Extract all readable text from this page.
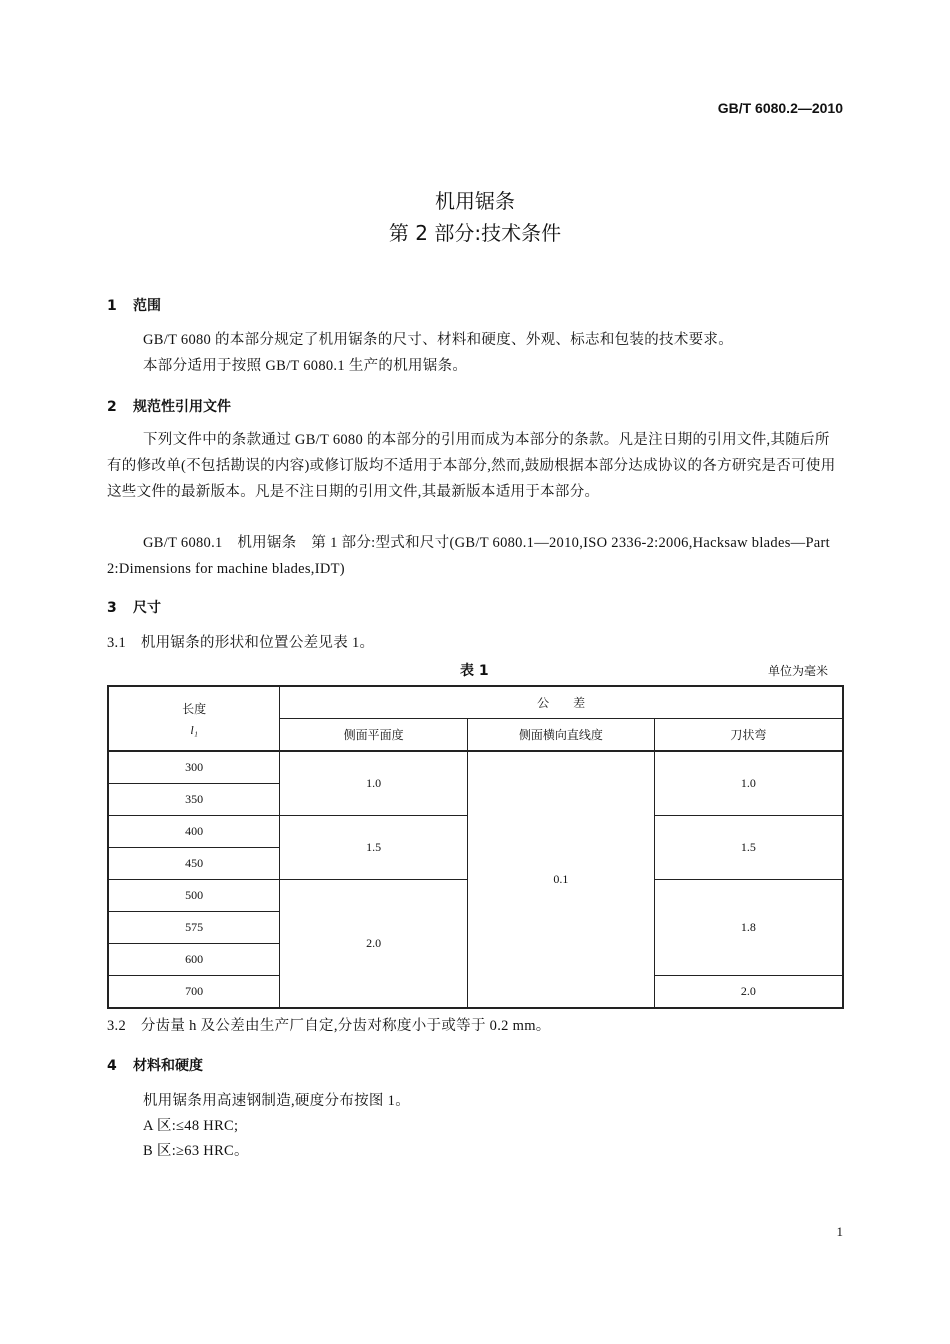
GB/T 6080.2—2010
机用锯条
第 2 部分:技术条件
1 范围
GB/T 6080 的本部分规定了机用锯条的尺寸、材料和硬度、外观、标志和包装的技术要求。
本部分适用于按照 GB/T 6080.1 生产的机用锯条。
2 规范性引用文件
下列文件中的条款通过 GB/T 6080 的本部分的引用而成为本部分的条款。凡是注日期的引用文件,其随后所有的修改单(不包括勘误的内容)或修订版均不适用于本部分,然而,鼓励根据本部分达成协议的各方研究是否可使用这些文件的最新版本。凡是不注日期的引用文件,其最新版本适用于本部分。
GB/T 6080.1　机用锯条　第 1 部分:型式和尺寸(GB/T 6080.1—2010,ISO 2336-2:2006,Hacksaw blades—Part 2:Dimensions for machine blades,IDT)
3 尺寸
3.1　机用锯条的形状和位置公差见表 1。
表 1	单位为毫米
长度
l₁	公　　差		
	侧面平面度	侧面横向直线度	刀状弯
300	1.0	0.1	1.0
350			
400	1.5		1.5
450			
500	2.0		1.8
575			
600			
700			2.0
3.2　分齿量 h 及公差由生产厂自定,分齿对称度小于或等于 0.2 mm。
4 材料和硬度
机用锯条用高速钢制造,硬度分布按图 1。
A 区:≤48 HRC;
B 区:≥63 HRC。
1
